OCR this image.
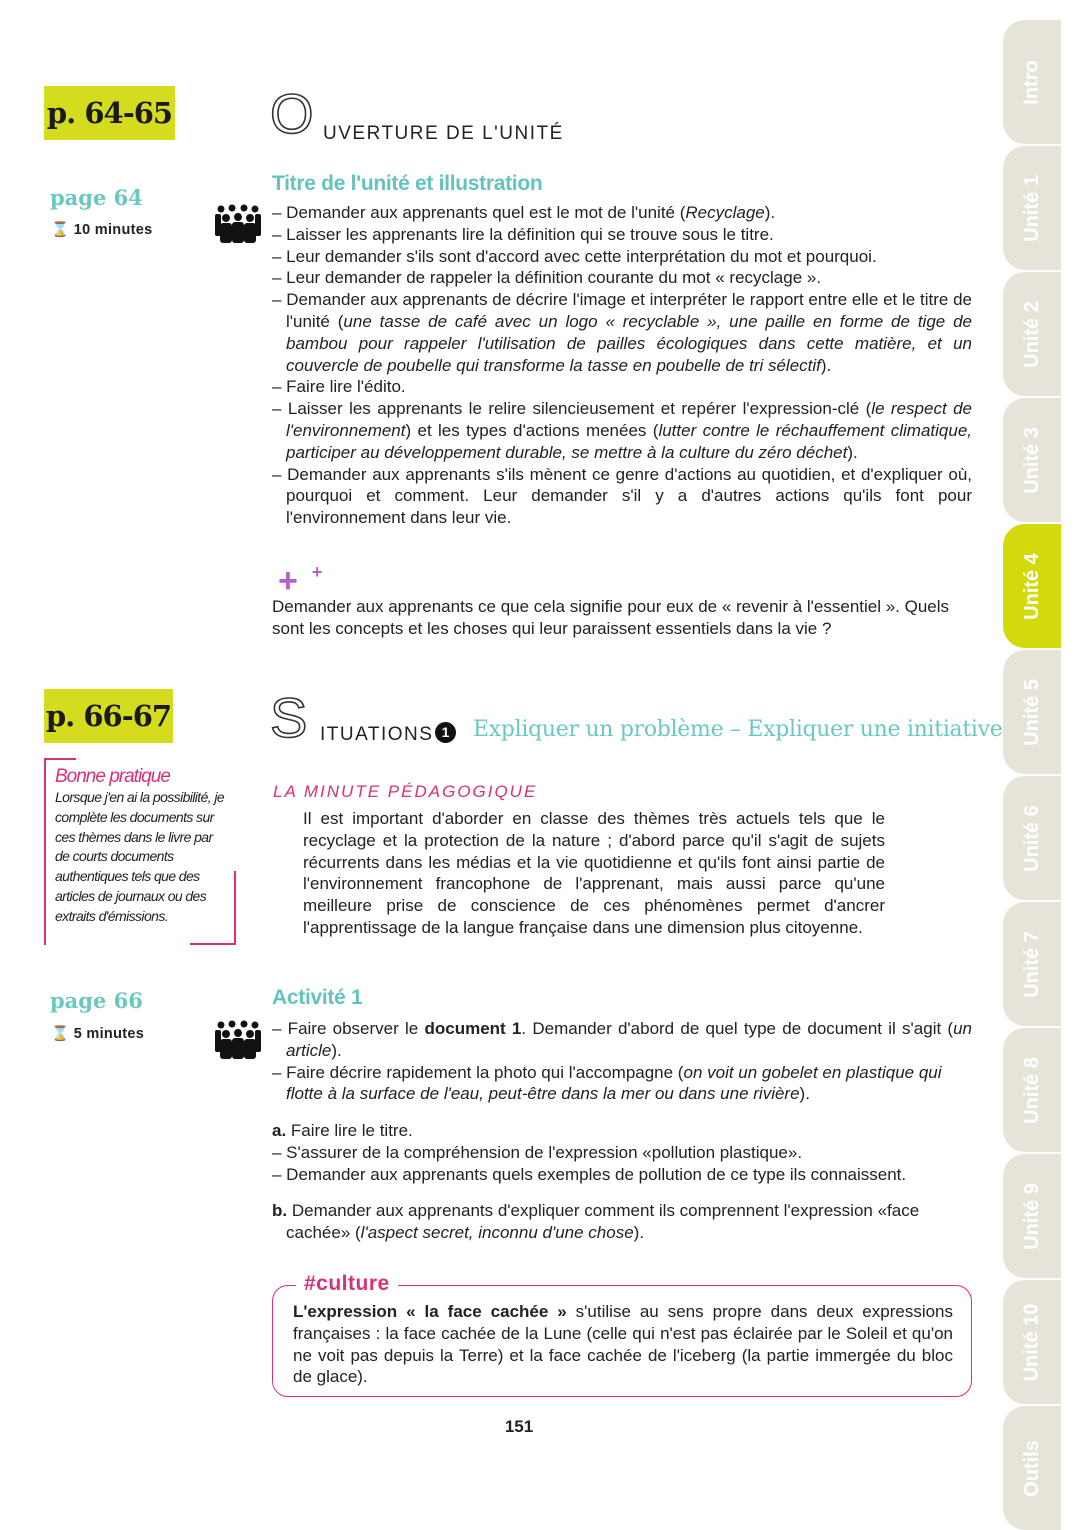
Intro
Unité 1
Unité 2
Unité 3
Unité 4
Unité 5
Unité 6
Unité 7
Unité 8
Unité 9
Unité 10
Outils
p. 64-65 O UVERTURE DE L'UNITÉ
page 64
⌛ 10 minutes
Titre de l'unité et illustration
– Demander aux apprenants quel est le mot de l'unité (Recyclage).
– Laisser les apprenants lire la définition qui se trouve sous le titre.
– Leur demander s'ils sont d'accord avec cette interprétation du mot et pourquoi.
– Leur demander de rappeler la définition courante du mot « recyclage ».
– Demander aux apprenants de décrire l'image et interpréter le rapport entre elle et le titre de l'unité (une tasse de café avec un logo « recyclable », une paille en forme de tige de bambou pour rappeler l'utilisation de pailles écologiques dans cette matière, et un couvercle de poubelle qui transforme la tasse en poubelle de tri sélectif).
– Faire lire l'édito.
– Laisser les apprenants le relire silencieusement et repérer l'expression-clé (le respect de l'environnement) et les types d'actions menées (lutter contre le réchauffement climatique, participer au développement durable, se mettre à la culture du zéro déchet).
– Demander aux apprenants s'ils mènent ce genre d'actions au quotidien, et d'expliquer où, pourquoi et comment. Leur demander s'il y a d'autres actions qu'ils font pour l'environnement dans leur vie.
+ +
Demander aux apprenants ce que cela signifie pour eux de « revenir à l'essentiel ». Quels sont les concepts et les choses qui leur paraissent essentiels dans la vie ?
p. 66-67 S ITUATIONS 1	Expliquer un problème – Expliquer une initiative
Bonne pratique
Lorsque j'en ai la possibilité, je complète les documents sur ces thèmes dans le livre par de courts documents authentiques tels que des articles de journaux ou des extraits d'émissions.
LA MINUTE PÉDAGOGIQUE
Il est important d'aborder en classe des thèmes très actuels tels que le recyclage et la protection de la nature ; d'abord parce qu'il s'agit de sujets récurrents dans les médias et la vie quotidienne et qu'ils font ainsi partie de l'environnement francophone de l'apprenant, mais aussi parce qu'une meilleure prise de conscience de ces phénomènes permet d'ancrer l'apprentissage de la langue française dans une dimension plus citoyenne.
page 66
⌛ 5 minutes
Activité 1
– Faire observer le document 1. Demander d'abord de quel type de document il s'agit (un article).
– Faire décrire rapidement la photo qui l'accompagne (on voit un gobelet en plastique qui flotte à la surface de l'eau, peut-être dans la mer ou dans une rivière).
a. Faire lire le titre.
– S'assurer de la compréhension de l'expression «pollution plastique».
– Demander aux apprenants quels exemples de pollution de ce type ils connaissent.
b. Demander aux apprenants d'expliquer comment ils comprennent l'expression «face cachée» (l'aspect secret, inconnu d'une chose).
#culture
L'expression « la face cachée » s'utilise au sens propre dans deux expressions françaises : la face cachée de la Lune (celle qui n'est pas éclairée par le Soleil et qu'on ne voit pas depuis la Terre) et la face cachée de l'iceberg (la partie immergée du bloc de glace).
151
